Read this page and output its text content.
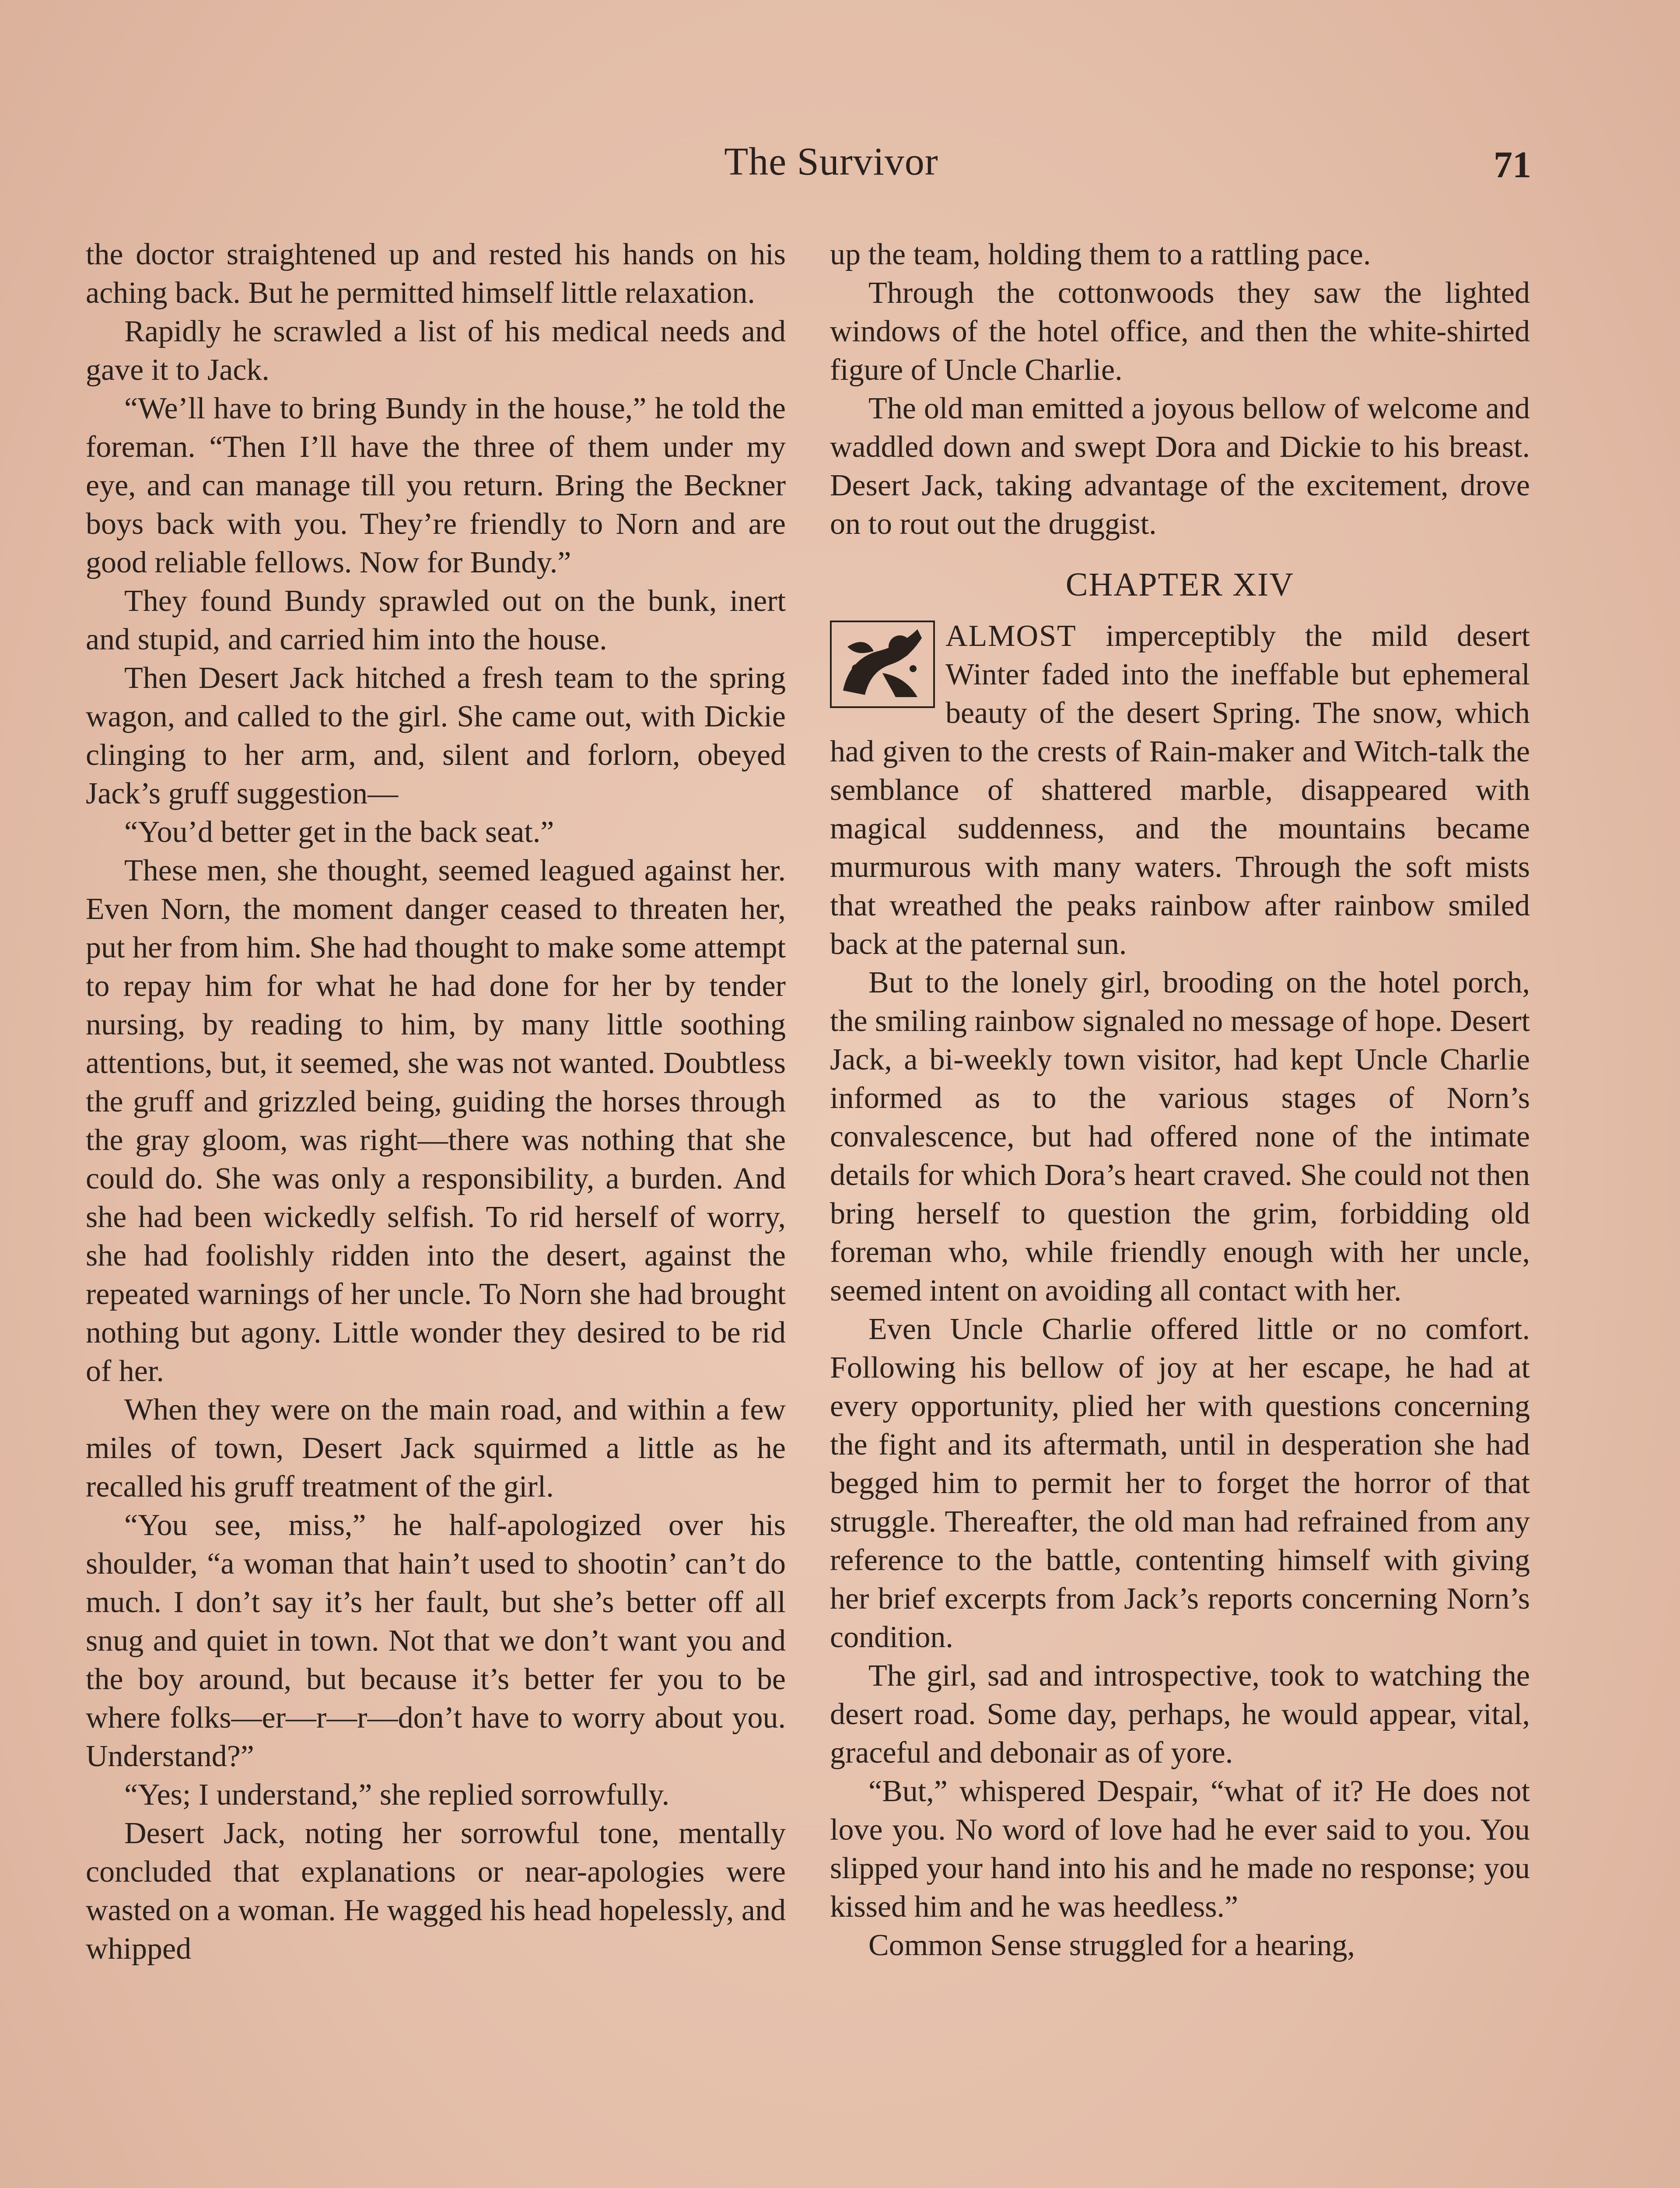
The Survivor	71

the doctor straightened up and rested his hands on his aching back. But he permitted himself little relaxation.

Rapidly he scrawled a list of his medical needs and gave it to Jack.

“We’ll have to bring Bundy in the house,” he told the foreman. “Then I’ll have the three of them under my eye, and can manage till you return. Bring the Beckner boys back with you. They’re friendly to Norn and are good reliable fellows. Now for Bundy.”

They found Bundy sprawled out on the bunk, inert and stupid, and carried him into the house.

Then Desert Jack hitched a fresh team to the spring wagon, and called to the girl. She came out, with Dickie clinging to her arm, and, silent and forlorn, obeyed Jack’s gruff suggestion—

“You’d better get in the back seat.”

These men, she thought, seemed leagued against her. Even Norn, the moment danger ceased to threaten her, put her from him. She had thought to make some attempt to repay him for what he had done for her by tender nursing, by reading to him, by many little soothing attentions, but, it seemed, she was not wanted. Doubtless the gruff and grizzled being, guiding the horses through the gray gloom, was right—there was nothing that she could do. She was only a responsibility, a burden. And she had been wickedly selfish. To rid herself of worry, she had foolishly ridden into the desert, against the repeated warnings of her uncle. To Norn she had brought nothing but agony. Little wonder they desired to be rid of her.

When they were on the main road, and within a few miles of town, Desert Jack squirmed a little as he recalled his gruff treatment of the girl.

“You see, miss,” he half-apologized over his shoulder, “a woman that hain’t used to shootin’ can’t do much. I don’t say it’s her fault, but she’s better off all snug and quiet in town. Not that we don’t want you and the boy around, but because it’s better fer you to be where folks—er—r—r—don’t have to worry about you. Understand?”

“Yes; I understand,” she replied sorrowfully.

Desert Jack, noting her sorrowful tone, mentally concluded that explanations or near-apologies were wasted on a woman. He wagged his head hopelessly, and whipped

up the team, holding them to a rattling pace.

Through the cottonwoods they saw the lighted windows of the hotel office, and then the white-shirted figure of Uncle Charlie.

The old man emitted a joyous bellow of welcome and waddled down and swept Dora and Dickie to his breast. Desert Jack, taking advantage of the excitement, drove on to rout out the druggist.

CHAPTER XIV

ALMOST imperceptibly the mild desert Winter faded into the ineffable but ephemeral beauty of the desert Spring. The snow, which had given to the crests of Rain-maker and Witch-talk the semblance of shattered marble, disappeared with magical suddenness, and the mountains became murmurous with many waters. Through the soft mists that wreathed the peaks rainbow after rainbow smiled back at the paternal sun.

But to the lonely girl, brooding on the hotel porch, the smiling rainbow signaled no message of hope. Desert Jack, a bi-weekly town visitor, had kept Uncle Charlie informed as to the various stages of Norn’s convalescence, but had offered none of the intimate details for which Dora’s heart craved. She could not then bring herself to question the grim, forbidding old foreman who, while friendly enough with her uncle, seemed intent on avoiding all contact with her.

Even Uncle Charlie offered little or no comfort. Following his bellow of joy at her escape, he had at every opportunity, plied her with questions concerning the fight and its aftermath, until in desperation she had begged him to permit her to forget the horror of that struggle. Thereafter, the old man had refrained from any reference to the battle, contenting himself with giving her brief excerpts from Jack’s reports concerning Norn’s condition.

The girl, sad and introspective, took to watching the desert road. Some day, perhaps, he would appear, vital, graceful and debonair as of yore.

“But,” whispered Despair, “what of it? He does not love you. No word of love had he ever said to you. You slipped your hand into his and he made no response; you kissed him and he was heedless.”

Common Sense struggled for a hearing,
